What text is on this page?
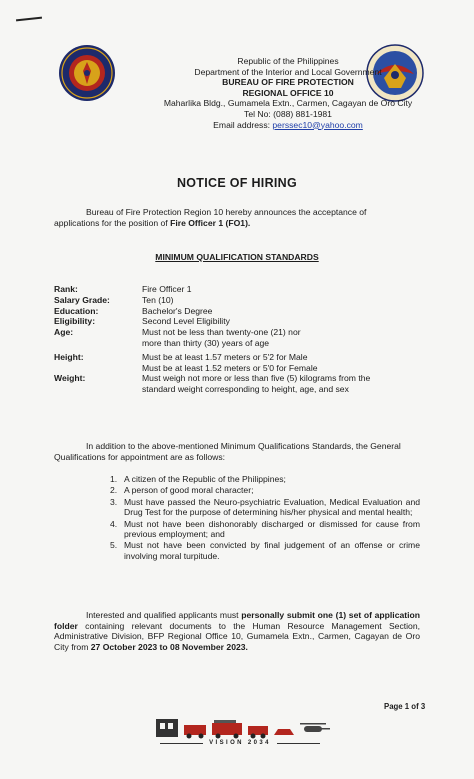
Republic of the Philippines
Department of the Interior and Local Government
BUREAU OF FIRE PROTECTION
REGIONAL OFFICE 10
Maharlika Bldg., Gumamela Extn., Carmen, Cagayan de Oro City
Tel No: (088) 881-1981
Email address: perssec10@yahoo.com
NOTICE OF HIRING
Bureau of Fire Protection Region 10 hereby announces the acceptance of
applications for the position of Fire Officer 1 (FO1).
MINIMUM QUALIFICATION STANDARDS
Rank:	Fire Officer 1
Salary Grade:	Ten (10)
Education:	Bachelor's Degree
Eligibility:	Second Level Eligibility
Age:	Must not be less than twenty-one (21) nor
more than thirty (30) years of age
Height:	Must be at least 1.57 meters or 5'2 for Male
Must be at least 1.52 meters or 5'0 for Female
Weight:	Must weigh not more or less than five (5) kilograms from the
standard weight corresponding to height, age, and sex
In addition to the above-mentioned Minimum Qualifications Standards, the General
Qualifications for appointment are as follows:
1. A citizen of the Republic of the Philippines;
2. A person of good moral character;
3. Must have passed the Neuro-psychiatric Evaluation, Medical Evaluation and Drug Test for the purpose of determining his/her physical and mental health;
4. Must not have been dishonorably discharged or dismissed for cause from previous employment; and
5. Must not have been convicted by final judgement of an offense or crime involving moral turpitude.
Interested and qualified applicants must personally submit one (1) set of application folder containing relevant documents to the Human Resource Management Section, Administrative Division, BFP Regional Office 10, Gumamela Extn., Carmen, Cagayan de Oro City from 27 October 2023 to 08 November 2023.
Page 1 of 3
VISION 2034
